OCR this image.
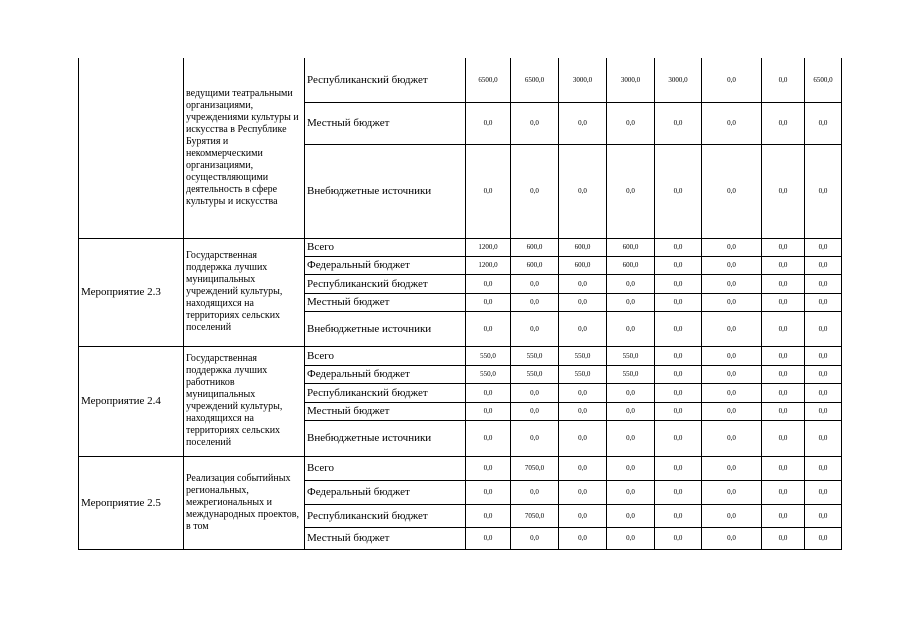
	ведущими театральными организациями, учреждениями культуры и искусства в Республике Бурятия и некоммерческими организациями, осуществляющими деятельность в сфере культуры и искусства	Республиканский бюджет	6500,0	6500,0	3000,0	3000,0	3000,0	0,0	0,0	6500,0
		Местный бюджет	0,0	0,0	0,0	0,0	0,0	0,0	0,0	0,0
		Внебюджетные источники	0,0	0,0	0,0	0,0	0,0	0,0	0,0	0,0
Мероприятие 2.3	Государственная поддержка лучших муниципальных учреждений культуры, находящихся на территориях сельских поселений	Всего	1200,0	600,0	600,0	600,0	0,0	0,0	0,0	0,0
		Федеральный бюджет	1200,0	600,0	600,0	600,0	0,0	0,0	0,0	0,0
		Республиканский бюджет	0,0	0,0	0,0	0,0	0,0	0,0	0,0	0,0
		Местный бюджет	0,0	0,0	0,0	0,0	0,0	0,0	0,0	0,0
		Внебюджетные источники	0,0	0,0	0,0	0,0	0,0	0,0	0,0	0,0
Мероприятие 2.4	Государственная поддержка лучших работников муниципальных учреждений культуры, находящихся на территориях сельских поселений	Всего	550,0	550,0	550,0	550,0	0,0	0,0	0,0	0,0
		Федеральный бюджет	550,0	550,0	550,0	550,0	0,0	0,0	0,0	0,0
		Республиканский бюджет	0,0	0,0	0,0	0,0	0,0	0,0	0,0	0,0
		Местный бюджет	0,0	0,0	0,0	0,0	0,0	0,0	0,0	0,0
		Внебюджетные источники	0,0	0,0	0,0	0,0	0,0	0,0	0,0	0,0
Мероприятие 2.5	Реализация событийных региональных, межрегиональных и международных проектов, в том	Всего	0,0	7050,0	0,0	0,0	0,0	0,0	0,0	0,0
		Федеральный бюджет	0,0	0,0	0,0	0,0	0,0	0,0	0,0	0,0
		Республиканский бюджет	0,0	7050,0	0,0	0,0	0,0	0,0	0,0	0,0
		Местный бюджет	0,0	0,0	0,0	0,0	0,0	0,0	0,0	0,0
